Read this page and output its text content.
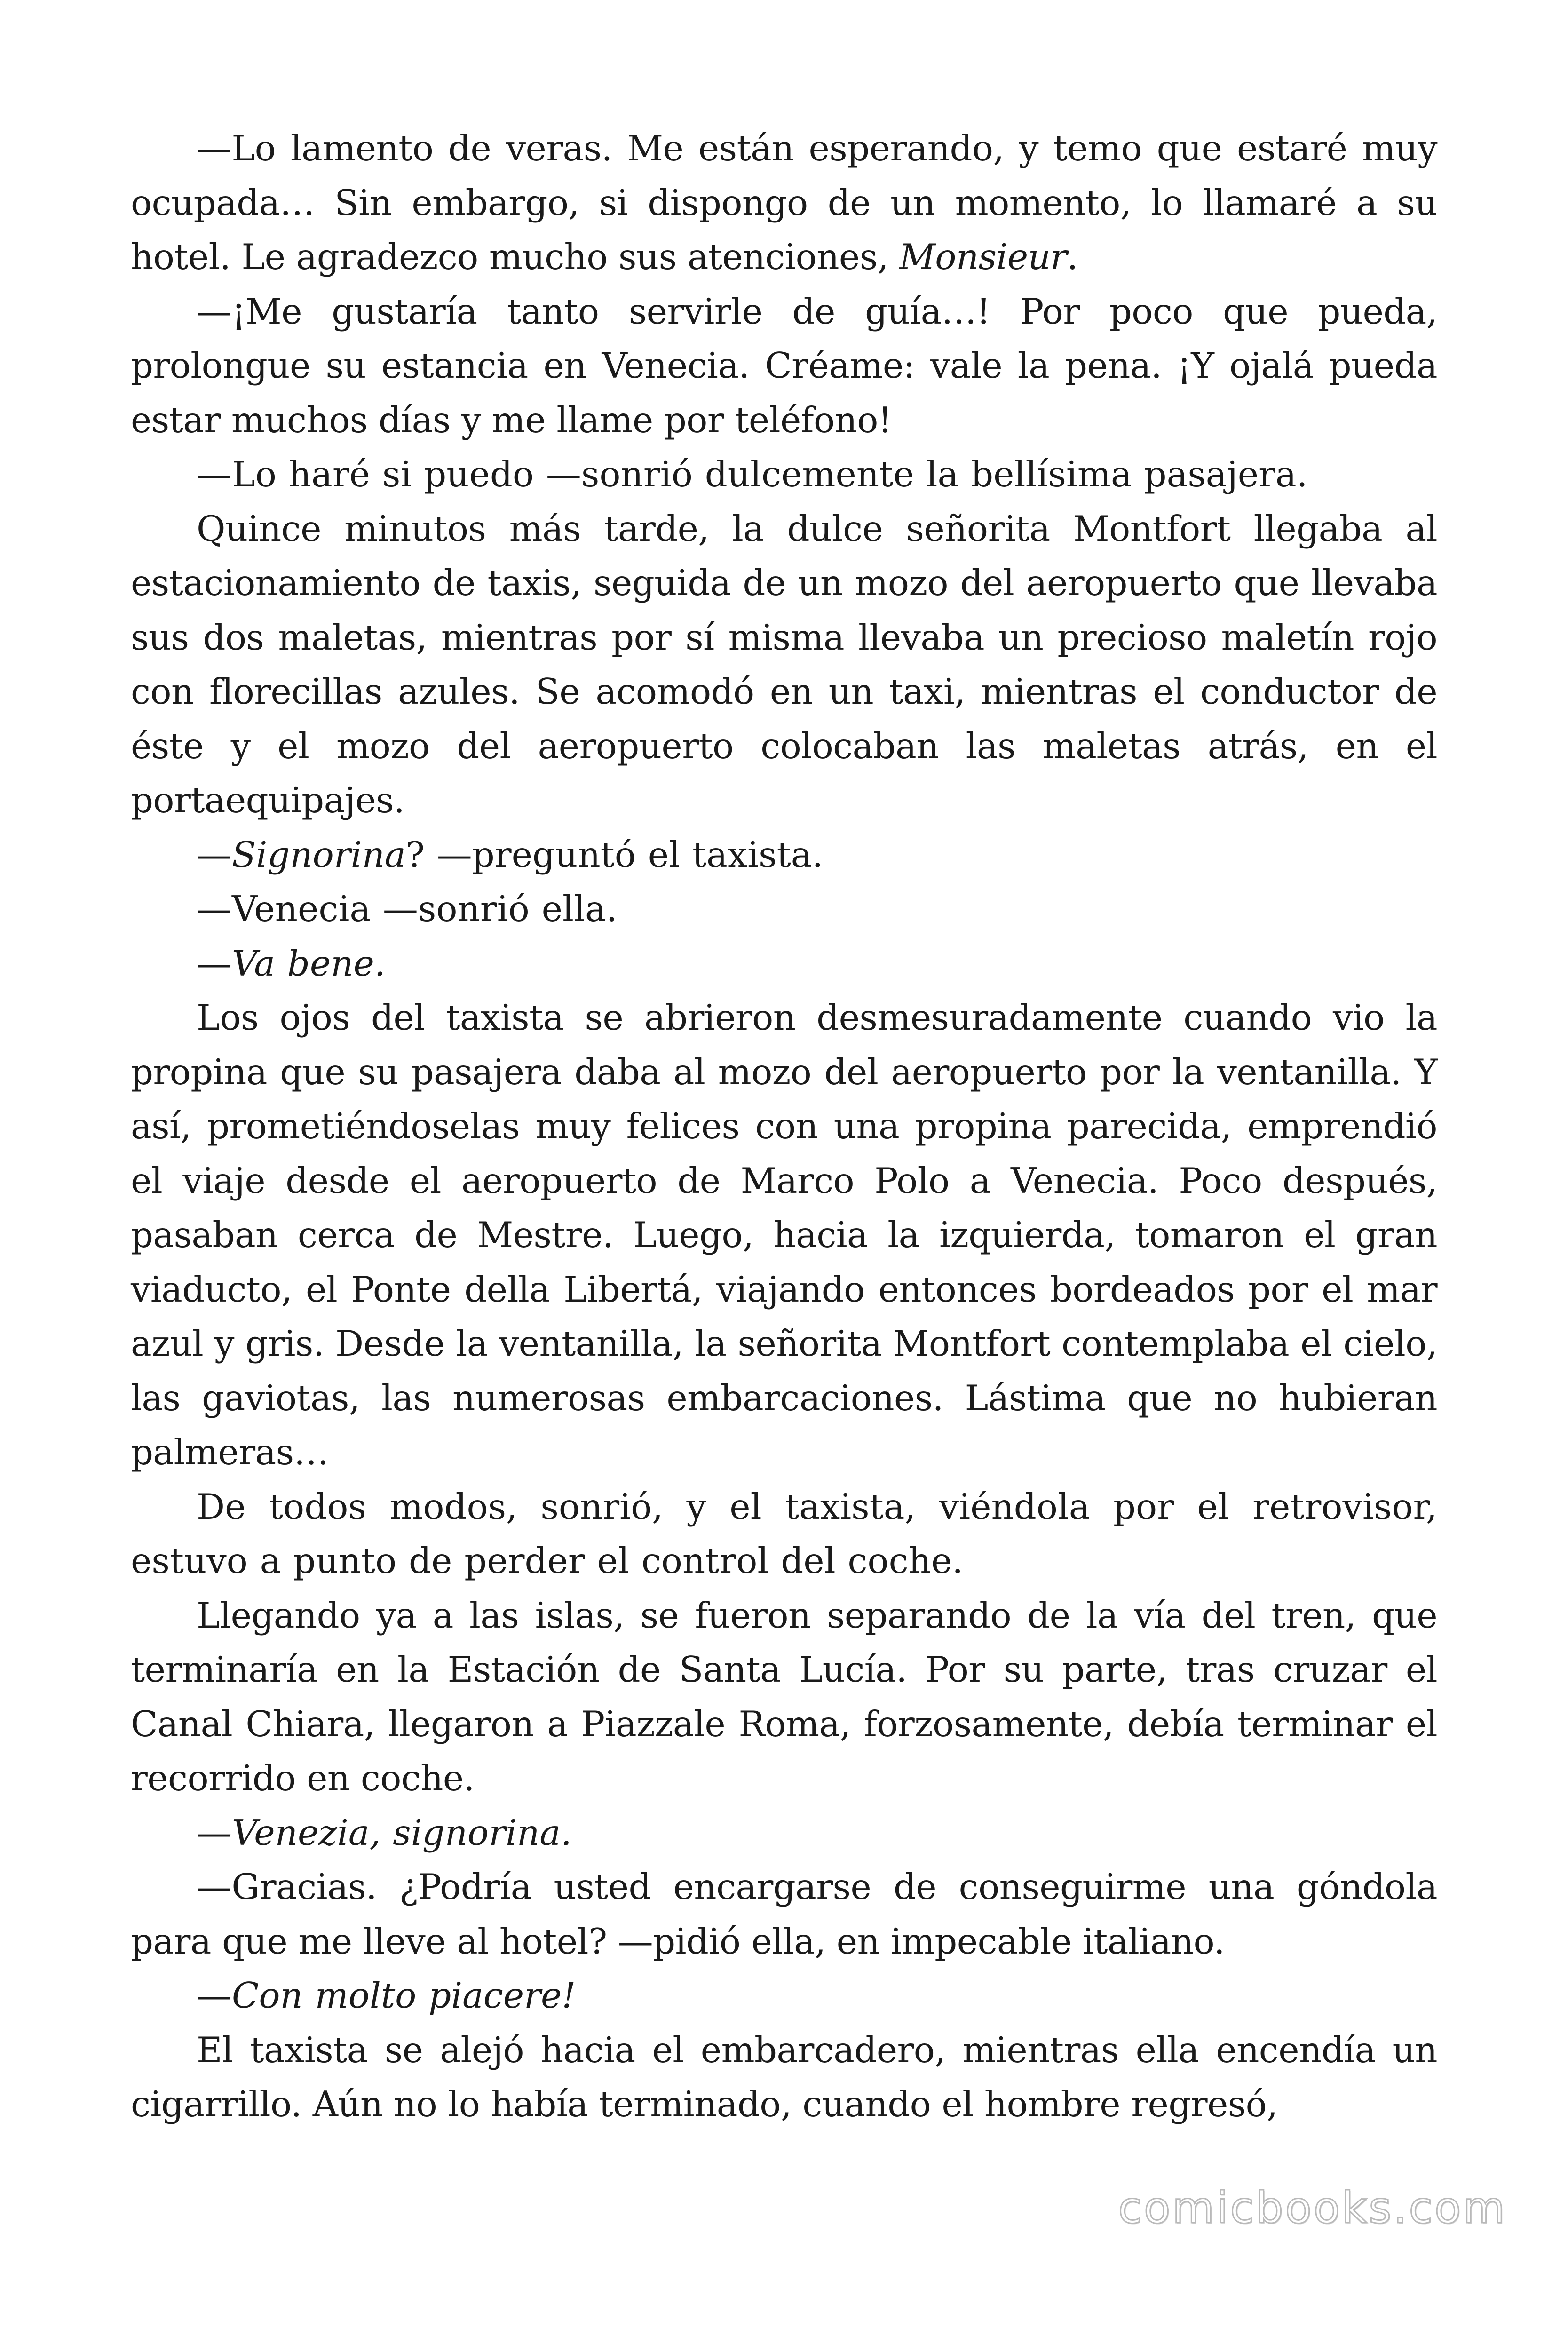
—Lo lamento de veras. Me están esperando, y temo que estaré muy ocupada… Sin embargo, si dispongo de un momento, lo llamaré a su hotel. Le agradezco mucho sus atenciones, Monsieur.

—¡Me gustaría tanto servirle de guía…! Por poco que pueda, prolongue su estancia en Venecia. Créame: vale la pena. ¡Y ojalá pueda estar muchos días y me llame por teléfono!

—Lo haré si puedo —sonrió dulcemente la bellísima pasajera.

Quince minutos más tarde, la dulce señorita Montfort llegaba al estacionamiento de taxis, seguida de un mozo del aeropuerto que llevaba sus dos maletas, mientras por sí misma llevaba un precioso maletín rojo con florecillas azules. Se acomodó en un taxi, mientras el conductor de éste y el mozo del aeropuerto colocaban las maletas atrás, en el portaequipajes.

—Signorina? —preguntó el taxista.

—Venecia —sonrió ella.

—Va bene.

Los ojos del taxista se abrieron desmesuradamente cuando vio la propina que su pasajera daba al mozo del aeropuerto por la ventanilla. Y así, prometiéndoselas muy felices con una propina parecida, emprendió el viaje desde el aeropuerto de Marco Polo a Venecia. Poco después, pasaban cerca de Mestre. Luego, hacia la izquierda, tomaron el gran viaducto, el Ponte della Libertá, viajando entonces bordeados por el mar azul y gris. Desde la ventanilla, la señorita Montfort contemplaba el cielo, las gaviotas, las numerosas embarcaciones. Lástima que no hubieran palmeras…

De todos modos, sonrió, y el taxista, viéndola por el retrovisor, estuvo a punto de perder el control del coche.

Llegando ya a las islas, se fueron separando de la vía del tren, que terminaría en la Estación de Santa Lucía. Por su parte, tras cruzar el Canal Chiara, llegaron a Piazzale Roma, forzosamente, debía terminar el recorrido en coche.

—Venezia, signorina.

—Gracias. ¿Podría usted encargarse de conseguirme una góndola para que me lleve al hotel? —pidió ella, en impecable italiano.

—Con molto piacere!

El taxista se alejó hacia el embarcadero, mientras ella encendía un cigarrillo. Aún no lo había terminado, cuando el hombre regresó,

comicbooks.com
